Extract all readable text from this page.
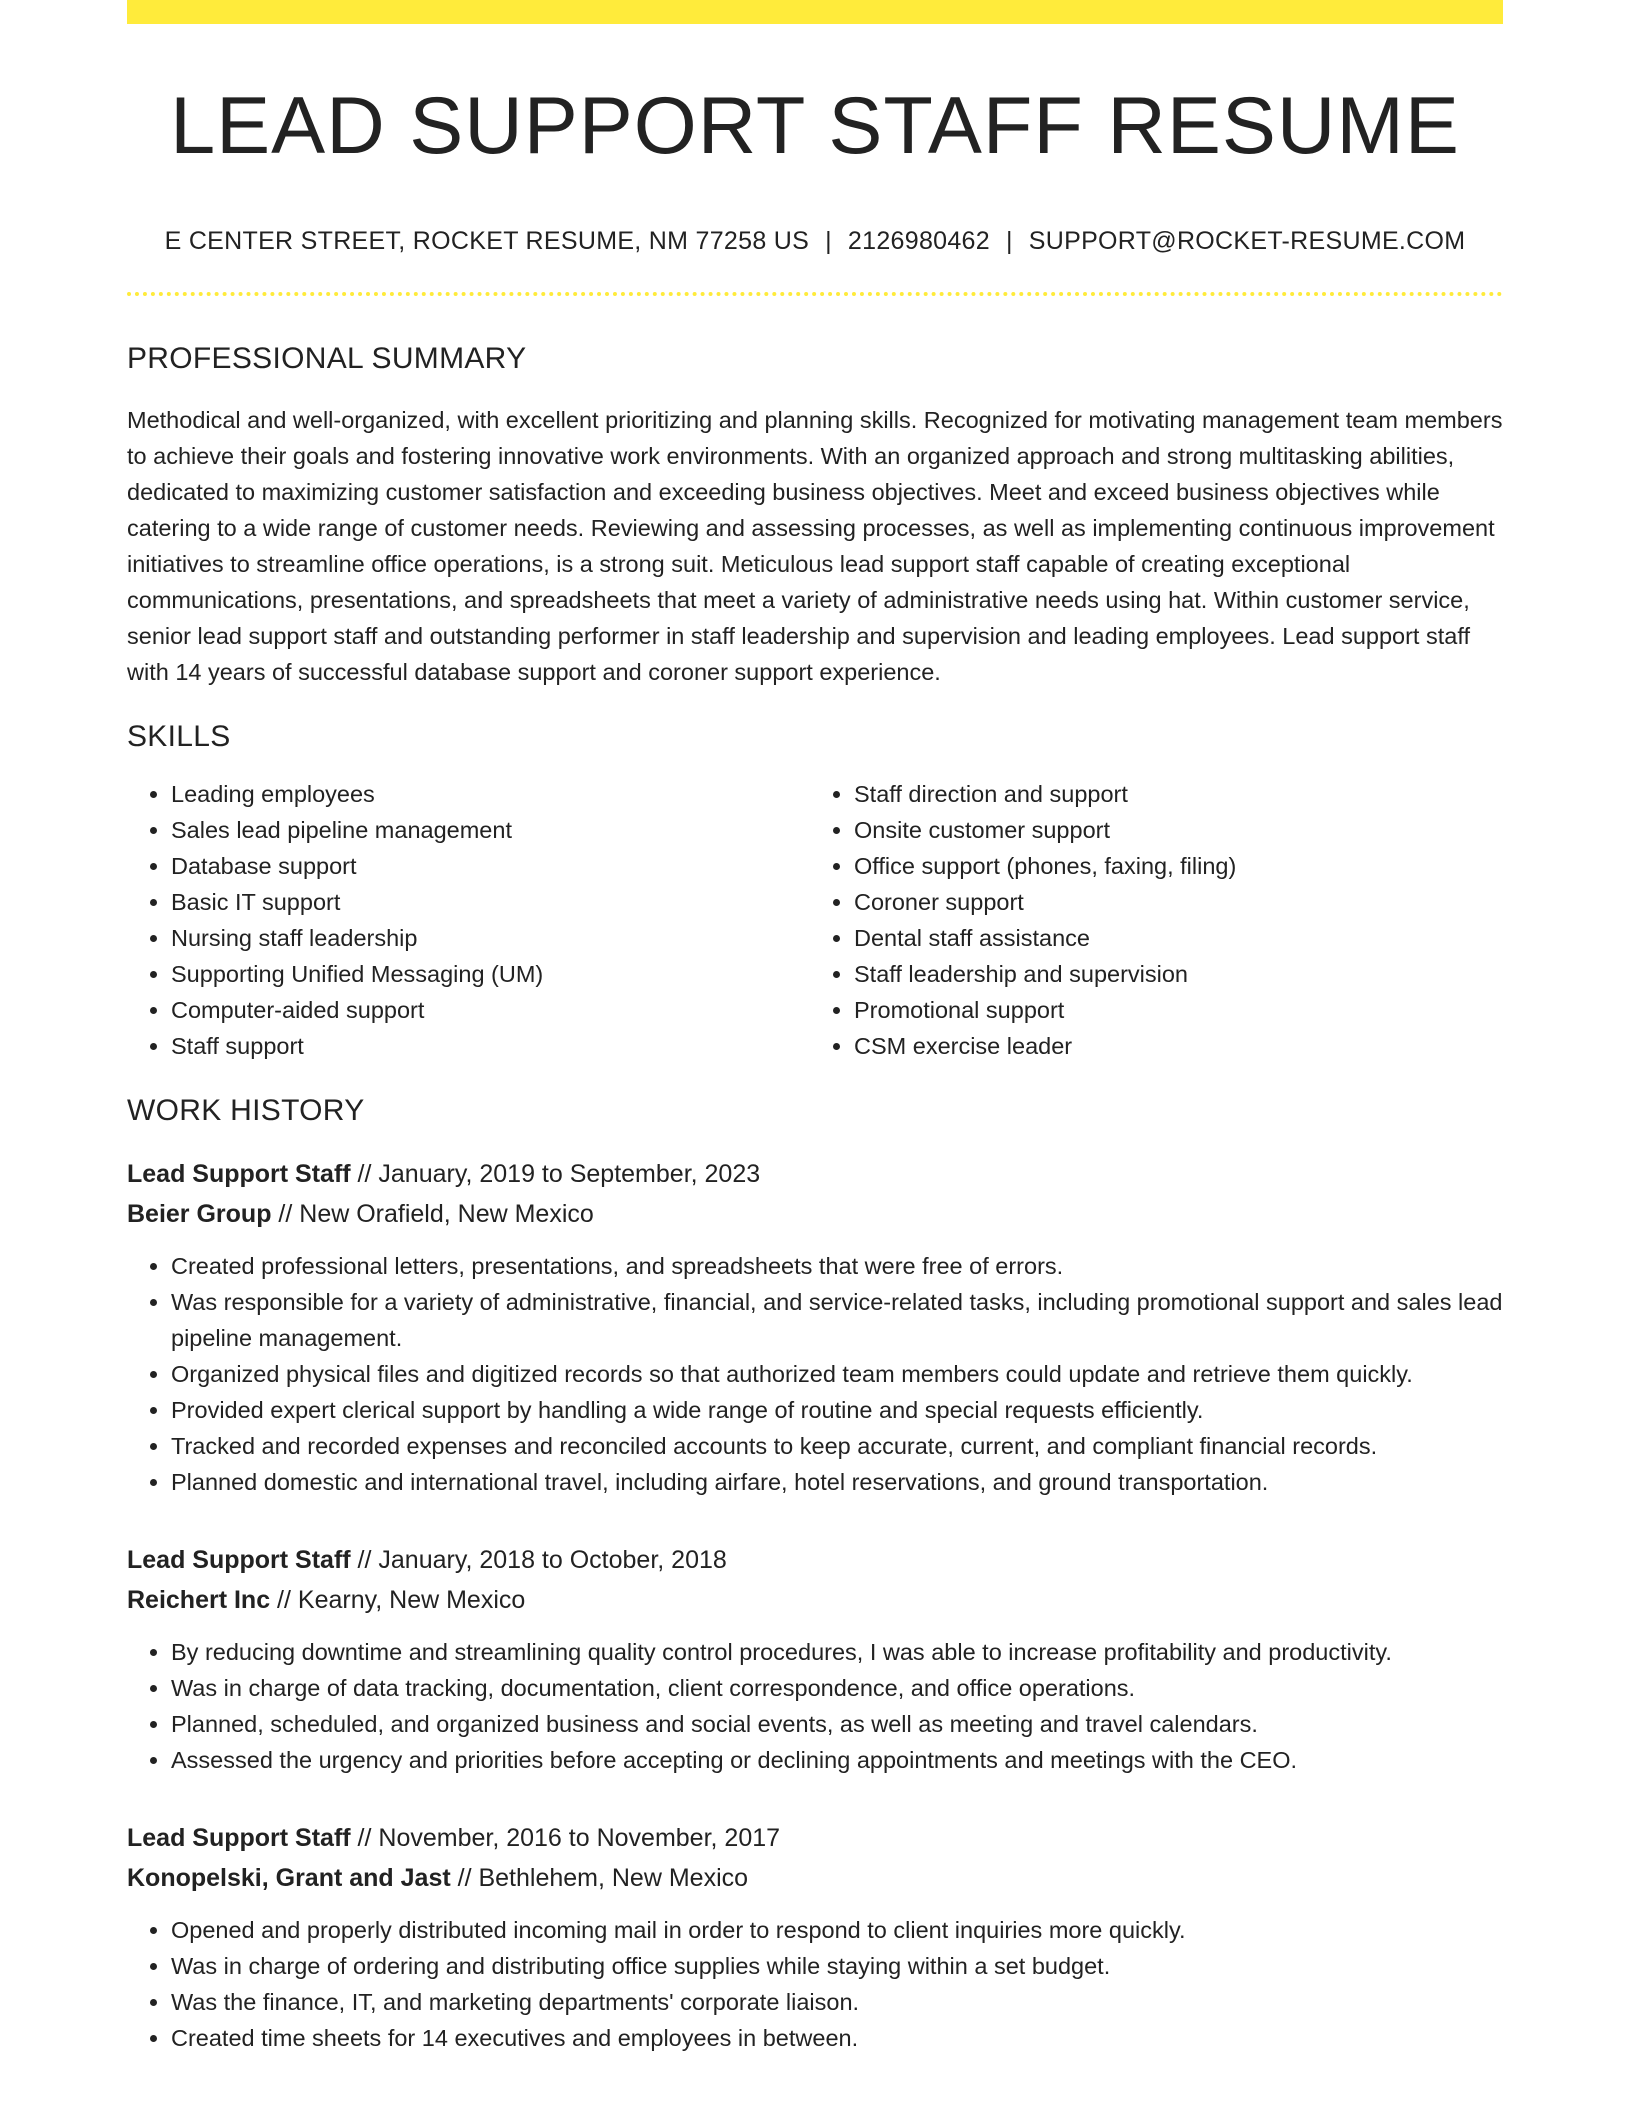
LEAD SUPPORT STAFF RESUME
E CENTER STREET, ROCKET RESUME, NM 77258 US | 2126980462 | SUPPORT@ROCKET-RESUME.COM
PROFESSIONAL SUMMARY
Methodical and well-organized, with excellent prioritizing and planning skills. Recognized for motivating management team members to achieve their goals and fostering innovative work environments. With an organized approach and strong multitasking abilities, dedicated to maximizing customer satisfaction and exceeding business objectives. Meet and exceed business objectives while catering to a wide range of customer needs. Reviewing and assessing processes, as well as implementing continuous improvement initiatives to streamline office operations, is a strong suit. Meticulous lead support staff capable of creating exceptional communications, presentations, and spreadsheets that meet a variety of administrative needs using hat. Within customer service, senior lead support staff and outstanding performer in staff leadership and supervision and leading employees. Lead support staff with 14 years of successful database support and coroner support experience.
SKILLS
• Leading employees
• Sales lead pipeline management
• Database support
• Basic IT support
• Nursing staff leadership
• Supporting Unified Messaging (UM)
• Computer-aided support
• Staff support
• Staff direction and support
• Onsite customer support
• Office support (phones, faxing, filing)
• Coroner support
• Dental staff assistance
• Staff leadership and supervision
• Promotional support
• CSM exercise leader
WORK HISTORY
Lead Support Staff // January, 2019 to September, 2023
Beier Group // New Orafield, New Mexico
• Created professional letters, presentations, and spreadsheets that were free of errors.
• Was responsible for a variety of administrative, financial, and service-related tasks, including promotional support and sales lead pipeline management.
• Organized physical files and digitized records so that authorized team members could update and retrieve them quickly.
• Provided expert clerical support by handling a wide range of routine and special requests efficiently.
• Tracked and recorded expenses and reconciled accounts to keep accurate, current, and compliant financial records.
• Planned domestic and international travel, including airfare, hotel reservations, and ground transportation.
Lead Support Staff // January, 2018 to October, 2018
Reichert Inc // Kearny, New Mexico
• By reducing downtime and streamlining quality control procedures, I was able to increase profitability and productivity.
• Was in charge of data tracking, documentation, client correspondence, and office operations.
• Planned, scheduled, and organized business and social events, as well as meeting and travel calendars.
• Assessed the urgency and priorities before accepting or declining appointments and meetings with the CEO.
Lead Support Staff // November, 2016 to November, 2017
Konopelski, Grant and Jast // Bethlehem, New Mexico
• Opened and properly distributed incoming mail in order to respond to client inquiries more quickly.
• Was in charge of ordering and distributing office supplies while staying within a set budget.
• Was the finance, IT, and marketing departments' corporate liaison.
• Created time sheets for 14 executives and employees in between.
